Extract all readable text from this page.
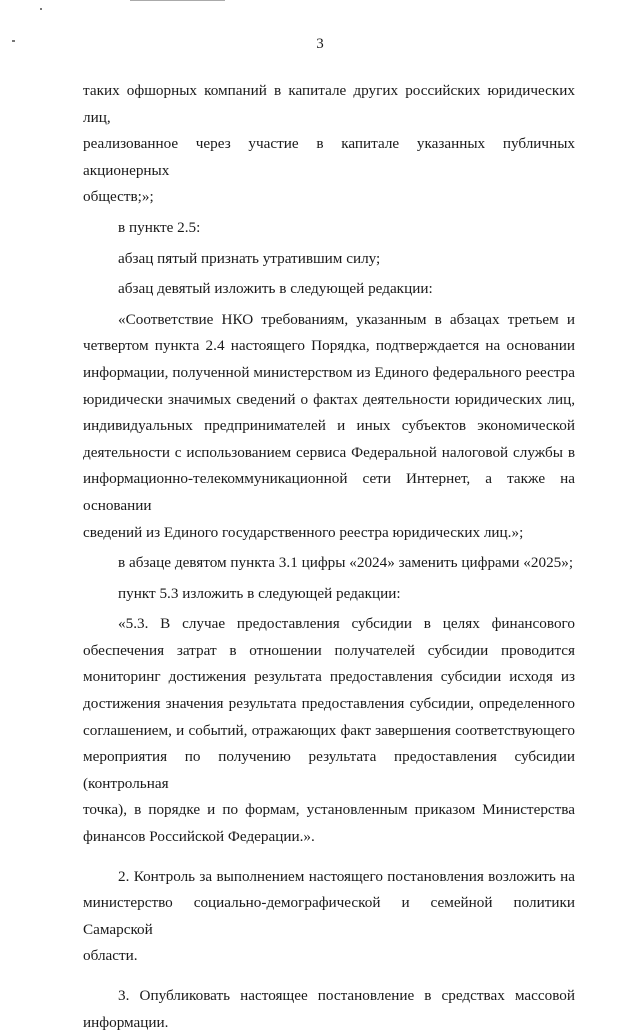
3

таких офшорных компаний в капитале других российских юридических лиц,
реализованное через участие в капитале указанных публичных акционерных
обществ;»;

в пункте 2.5:

абзац пятый признать утратившим силу;

абзац девятый изложить в следующей редакции:

«Соответствие НКО требованиям, указанным в абзацах третьем и
четвертом пункта 2.4 настоящего Порядка, подтверждается на основании
информации, полученной министерством из Единого федерального реестра
юридически значимых сведений о фактах деятельности юридических лиц,
индивидуальных предпринимателей и иных субъектов экономической
деятельности с использованием сервиса Федеральной налоговой службы в
информационно-телекоммуникационной сети Интернет, а также на основании
сведений из Единого государственного реестра юридических лиц.»;

в абзаце девятом пункта 3.1 цифры «2024» заменить цифрами «2025»;

пункт 5.3 изложить в следующей редакции:

«5.3. В случае предоставления субсидии в целях финансового
обеспечения затрат в отношении получателей субсидии проводится
мониторинг достижения результата предоставления субсидии исходя из
достижения значения результата предоставления субсидии, определенного
соглашением, и событий, отражающих факт завершения соответствующего
мероприятия по получению результата предоставления субсидии (контрольная
точка), в порядке и по формам, установленным приказом Министерства
финансов Российской Федерации.».

2. Контроль за выполнением настоящего постановления возложить на
министерство социально-демографической и семейной политики Самарской
области.

3. Опубликовать настоящее постановление в средствах массовой
информации.
